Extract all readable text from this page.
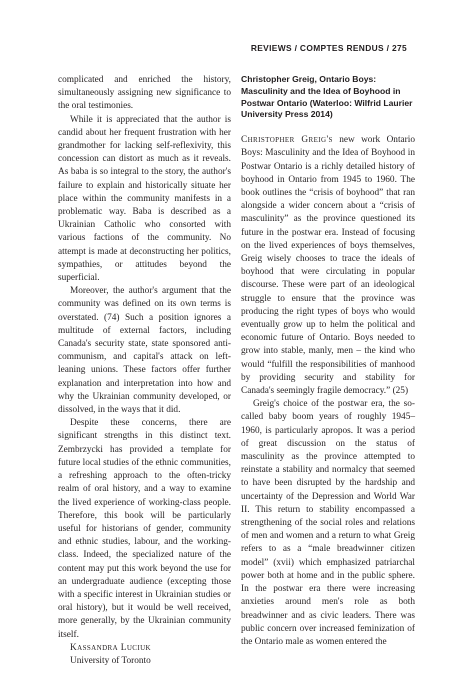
REVIEWS / COMPTES RENDUS / 275

complicated and enriched the history, simultaneously assigning new significance to the oral testimonies.

While it is appreciated that the author is candid about her frequent frustration with her grandmother for lacking self-reflexivity, this concession can distort as much as it reveals. As baba is so integral to the story, the author's failure to explain and historically situate her place within the community manifests in a problematic way. Baba is described as a Ukrainian Catholic who consorted with various factions of the community. No attempt is made at deconstructing her politics, sympathies, or attitudes beyond the superficial.

Moreover, the author's argument that the community was defined on its own terms is overstated. (74) Such a position ignores a multitude of external factors, including Canada's security state, state sponsored anti-communism, and capital's attack on left-leaning unions. These factors offer further explanation and interpretation into how and why the Ukrainian community developed, or dissolved, in the ways that it did.

Despite these concerns, there are significant strengths in this distinct text. Zembrzycki has provided a template for future local studies of the ethnic communities, a refreshing approach to the often-tricky realm of oral history, and a way to examine the lived experience of working-class people. Therefore, this book will be particularly useful for historians of gender, community and ethnic studies, labour, and the working-class. Indeed, the specialized nature of the content may put this work beyond the use for an undergraduate audience (excepting those with a specific interest in Ukrainian studies or oral history), but it would be well received, more generally, by the Ukrainian community itself.

Kassandra Luciuk

University of Toronto

Christopher Greig, Ontario Boys: Masculinity and the Idea of Boyhood in Postwar Ontario (Waterloo: Wilfrid Laurier University Press 2014)

Christopher Greig's new work Ontario Boys: Masculinity and the Idea of Boyhood in Postwar Ontario is a richly detailed history of boyhood in Ontario from 1945 to 1960. The book outlines the “crisis of boyhood” that ran alongside a wider concern about a “crisis of masculinity” as the province questioned its future in the postwar era. Instead of focusing on the lived experiences of boys themselves, Greig wisely chooses to trace the ideals of boyhood that were circulating in popular discourse. These were part of an ideological struggle to ensure that the province was producing the right types of boys who would eventually grow up to helm the political and economic future of Ontario. Boys needed to grow into stable, manly, men – the kind who would “fulfill the responsibilities of manhood by providing security and stability for Canada's seemingly fragile democracy.” (25)

Greig's choice of the postwar era, the so-called baby boom years of roughly 1945–1960, is particularly apropos. It was a period of great discussion on the status of masculinity as the province attempted to reinstate a stability and normalcy that seemed to have been disrupted by the hardship and uncertainty of the Depression and World War II. This return to stability encompassed a strengthening of the social roles and relations of men and women and a return to what Greig refers to as a “male breadwinner citizen model” (xvii) which emphasized patriarchal power both at home and in the public sphere. In the postwar era there were increasing anxieties around men's role as both breadwinner and as civic leaders. There was public concern over increased feminization of the Ontario male as women entered the
